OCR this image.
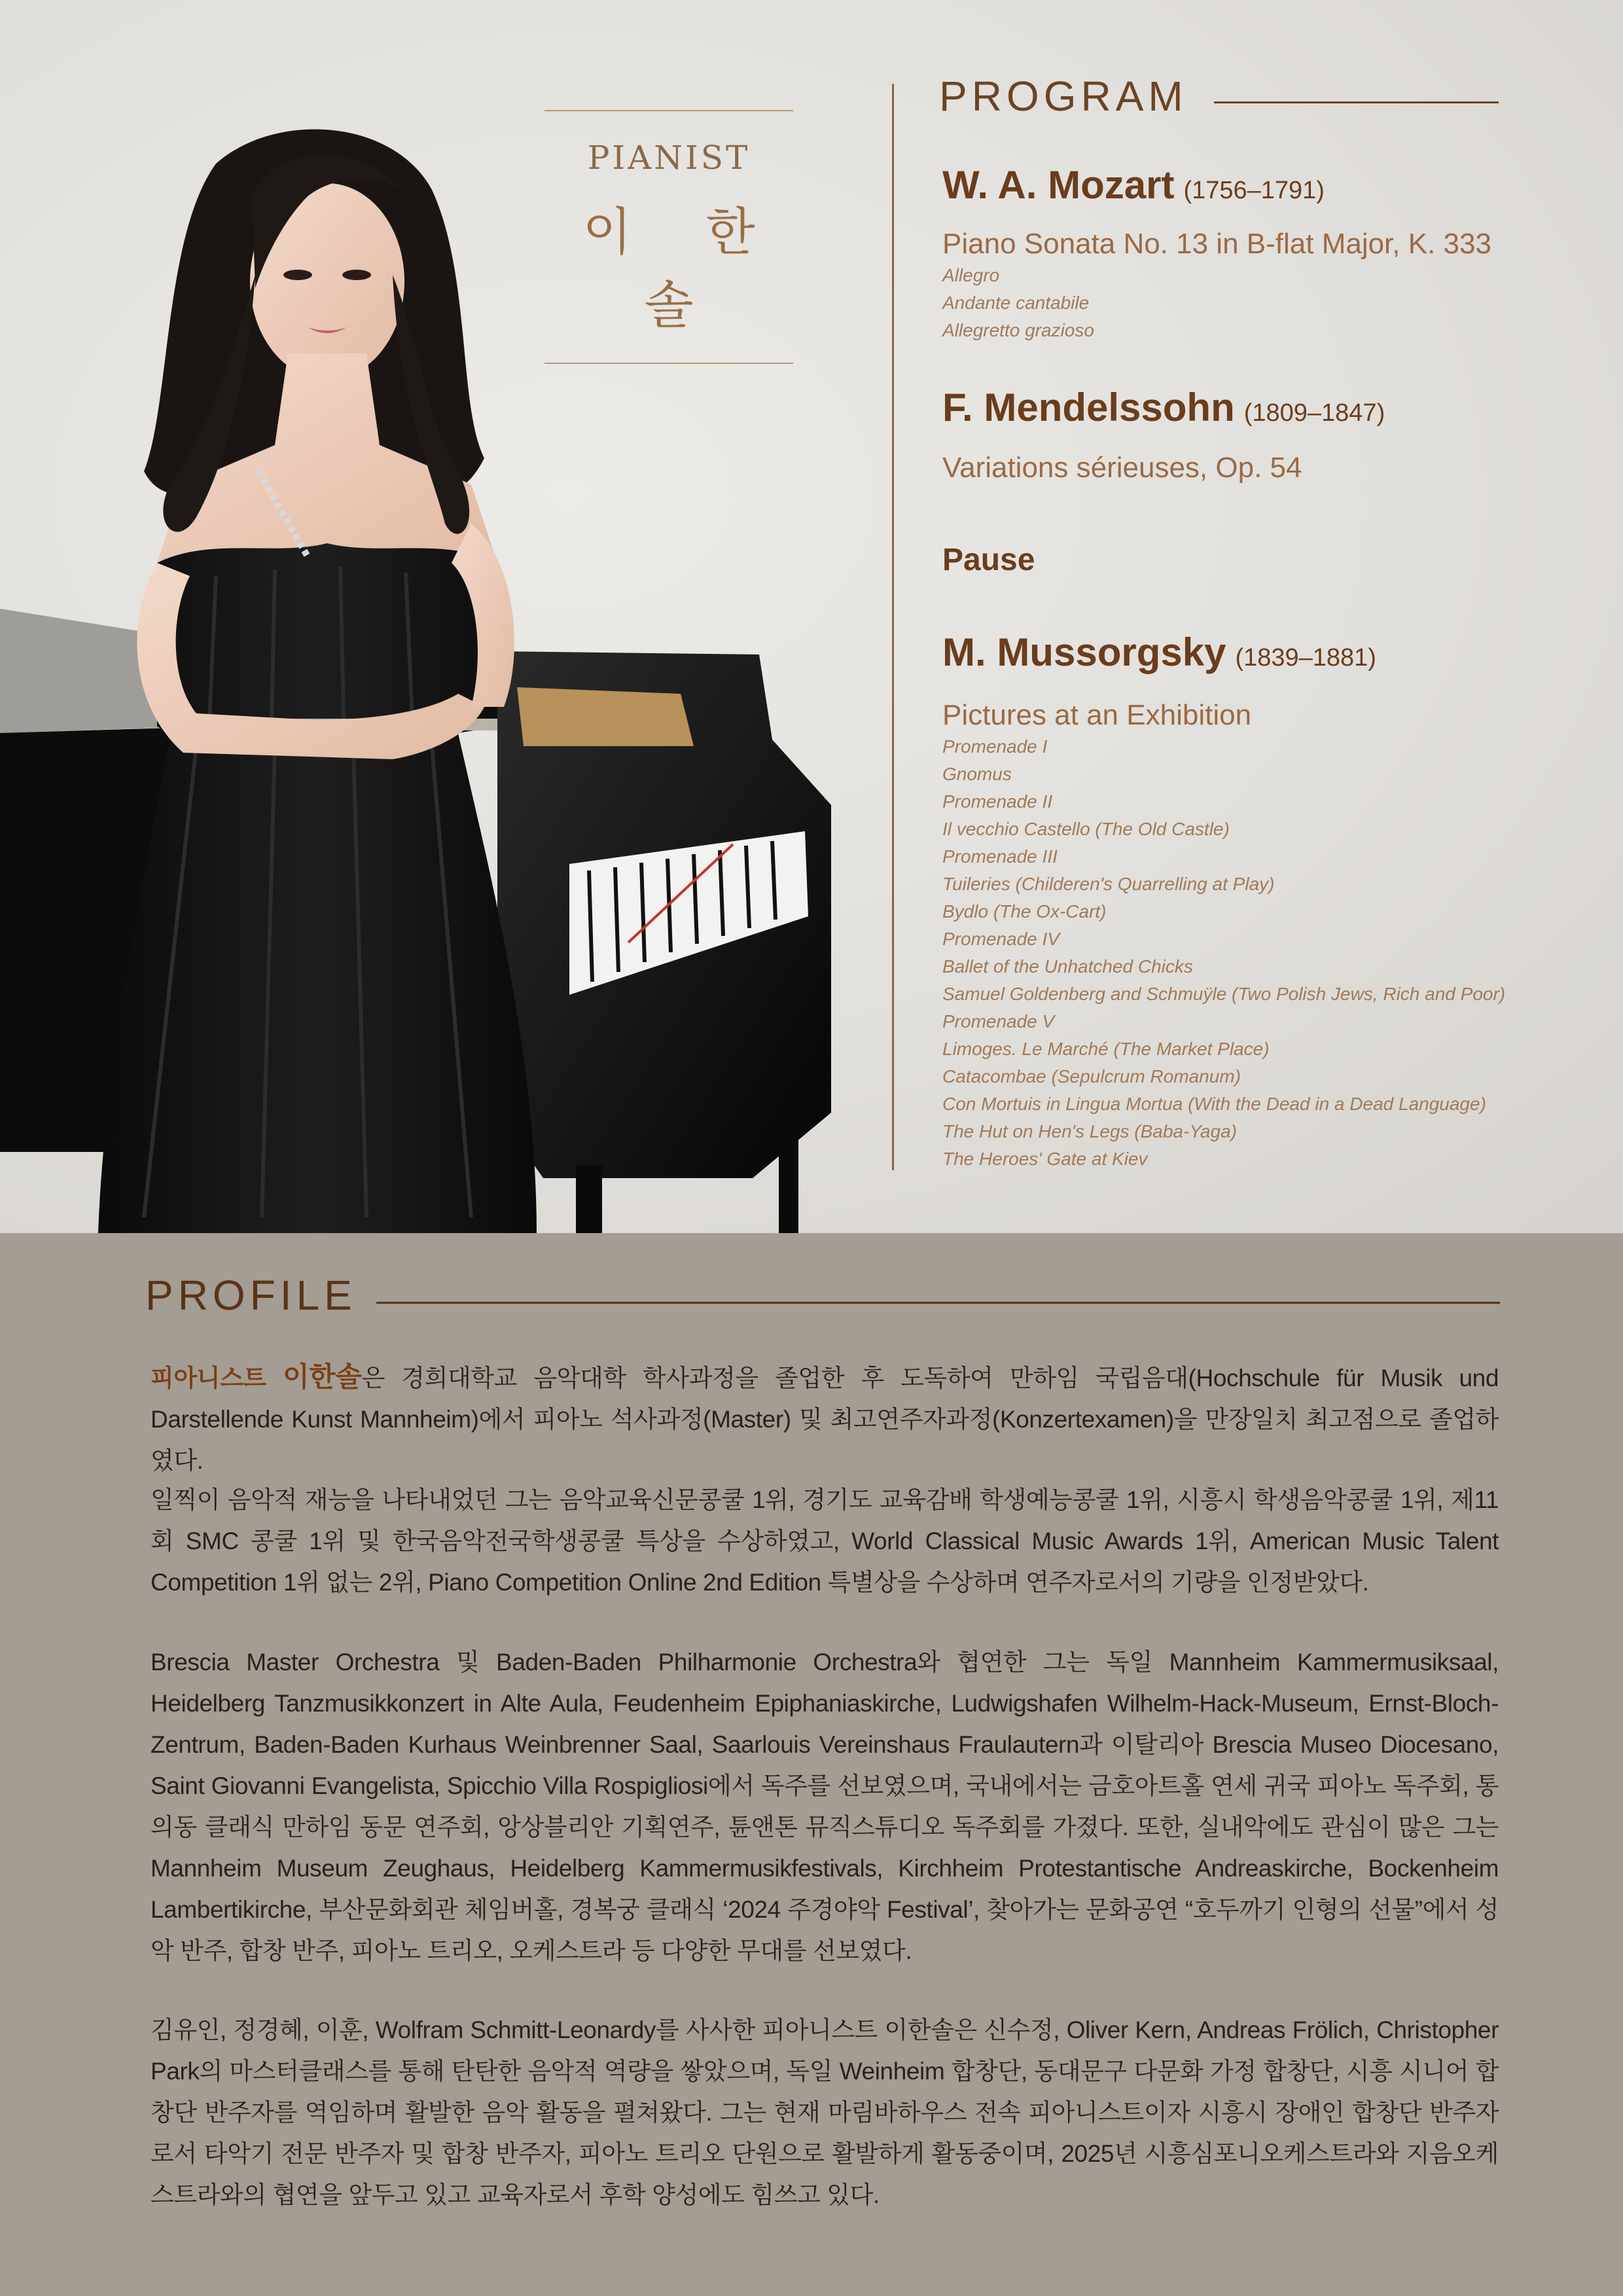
PIANIST
이 한 솔
PROGRAM
W. A. Mozart (1756–1791)
Piano Sonata No. 13 in B-flat Major, K. 333
Allegro
Andante cantabile
Allegretto grazioso
F. Mendelssohn (1809–1847)
Variations sérieuses, Op. 54
Pause
M. Mussorgsky (1839–1881)
Pictures at an Exhibition
Promenade I
Gnomus
Promenade II
Il vecchio Castello (The Old Castle)
Promenade III
Tuileries (Childeren's Quarrelling at Play)
Bydlo (The Ox-Cart)
Promenade IV
Ballet of the Unhatched Chicks
Samuel Goldenberg and Schmuÿle (Two Polish Jews, Rich and Poor)
Promenade V
Limoges. Le Marché (The Market Place)
Catacombae (Sepulcrum Romanum)
Con Mortuis in Lingua Mortua (With the Dead in a Dead Language)
The Hut on Hen's Legs (Baba-Yaga)
The Heroes' Gate at Kiev
PROFILE

피아니스트 이한솔은 경희대학교 음악대학 학사과정을 졸업한 후 도독하여 만하임 국립음대(Hochschule für Musik und Darstellende Kunst Mannheim)에서 피아노 석사과정(Master) 및 최고연주자과정(Konzertexamen)을 만장일치 최고점으로 졸업하였다.

일찍이 음악적 재능을 나타내었던 그는 음악교육신문콩쿨 1위, 경기도 교육감배 학생예능콩쿨 1위, 시흥시 학생음악콩쿨 1위, 제11회 SMC 콩쿨 1위 및 한국음악전국학생콩쿨 특상을 수상하였고, World Classical Music Awards 1위, American Music Talent Competition 1위 없는 2위, Piano Competition Online 2nd Edition 특별상을 수상하며 연주자로서의 기량을 인정받았다.

Brescia Master Orchestra 및 Baden-Baden Philharmonie Orchestra와 협연한 그는 독일 Mannheim Kammermusiksaal, Heidelberg Tanzmusikkonzert in Alte Aula, Feudenheim Epiphaniaskirche, Ludwigshafen Wilhelm-Hack-Museum, Ernst-Bloch-Zentrum, Baden-Baden Kurhaus Weinbrenner Saal, Saarlouis Vereinshaus Fraulautern과 이탈리아 Brescia Museo Diocesano, Saint Giovanni Evangelista, Spicchio Villa Rospigliosi에서 독주를 선보였으며, 국내에서는 금호아트홀 연세 귀국 피아노 독주회, 통의동 클래식 만하임 동문 연주회, 앙상블리안 기획연주, 튠앤톤 뮤직스튜디오 독주회를 가졌다. 또한, 실내악에도 관심이 많은 그는 Mannheim Museum Zeughaus, Heidelberg Kammermusikfestivals, Kirchheim Protestantische Andreaskirche, Bockenheim Lambertikirche, 부산문화회관 체임버홀, 경복궁 클래식 ‘2024 주경야악 Festival’, 찾아가는 문화공연 “호두까기 인형의 선물”에서 성악 반주, 합창 반주, 피아노 트리오, 오케스트라 등 다양한 무대를 선보였다.

김유인, 정경혜, 이훈, Wolfram Schmitt-Leonardy를 사사한 피아니스트 이한솔은 신수정, Oliver Kern, Andreas Frölich, Christopher Park의 마스터클래스를 통해 탄탄한 음악적 역량을 쌓았으며, 독일 Weinheim 합창단, 동대문구 다문화 가정 합창단, 시흥 시니어 합창단 반주자를 역임하며 활발한 음악 활동을 펼쳐왔다. 그는 현재 마림바하우스 전속 피아니스트이자 시흥시 장애인 합창단 반주자로서 타악기 전문 반주자 및 합창 반주자, 피아노 트리오 단원으로 활발하게 활동중이며, 2025년 시흥심포니오케스트라와 지음오케스트라와의 협연을 앞두고 있고 교육자로서 후학 양성에도 힘쓰고 있다.
